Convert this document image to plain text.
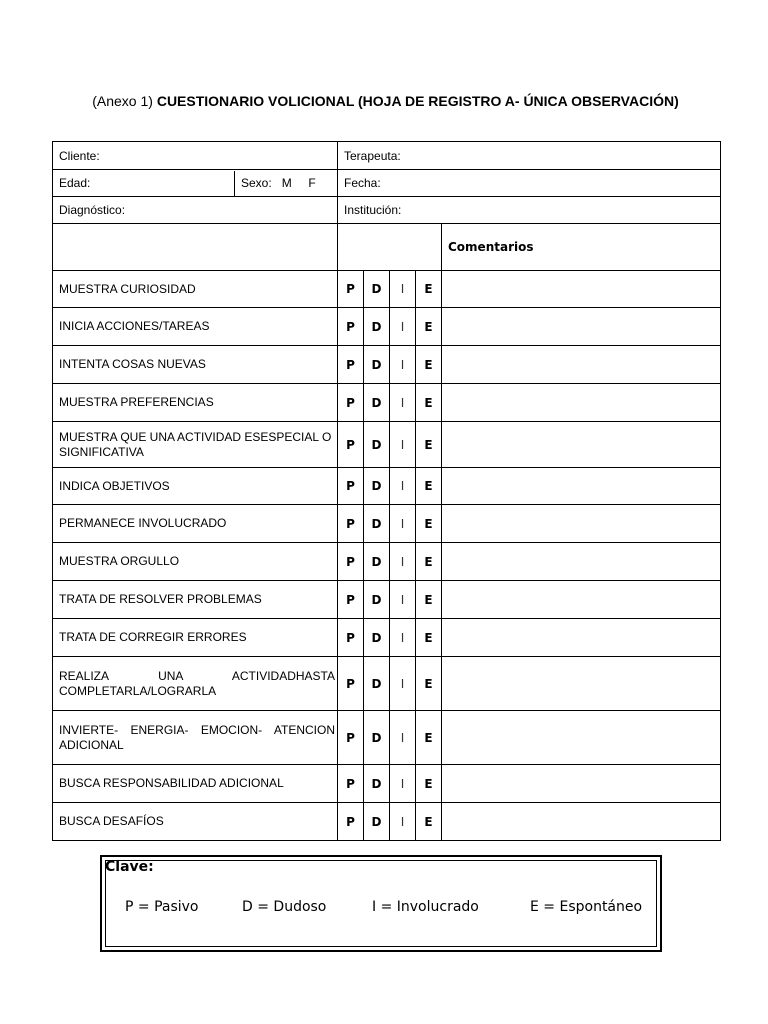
(Anexo 1) CUESTIONARIO VOLICIONAL (HOJA DE REGISTRO A- ÚNICA OBSERVACIÓN)
Cliente:	Terapeuta:				

Edad: Sexo:   M     F	Fecha:				
Diagnóstico:	Institución:				
					Comentarios
MUESTRA CURIOSIDAD	P	D	I	E	
INICIA ACCIONES/TAREAS	P	D	I	E	
INTENTA COSAS NUEVAS	P	D	I	E	
MUESTRA PREFERENCIAS	P	D	I	E	
MUESTRA QUE UNA ACTIVIDAD ESESPECIAL O SIGNIFICATIVA	P	D	I	E	
INDICA OBJETIVOS	P	D	I	E	
PERMANECE INVOLUCRADO	P	D	I	E	
MUESTRA ORGULLO	P	D	I	E	
TRATA DE RESOLVER PROBLEMAS	P	D	I	E	
TRATA DE CORREGIR ERRORES	P	D	I	E	
REALIZA UNA ACTIVIDADHASTA COMPLETARLA/LOGRARLA	P	D	I	E	
INVIERTE- ENERGIA- EMOCION- ATENCION ADICIONAL	P	D	I	E	
BUSCA RESPONSABILIDAD ADICIONAL	P	D	I	E	
BUSCA DESAFÍOS	P	D	I	E	
Clave:
P = Pasivo	D = Dudoso	I = Involucrado	E = Espontáneo
